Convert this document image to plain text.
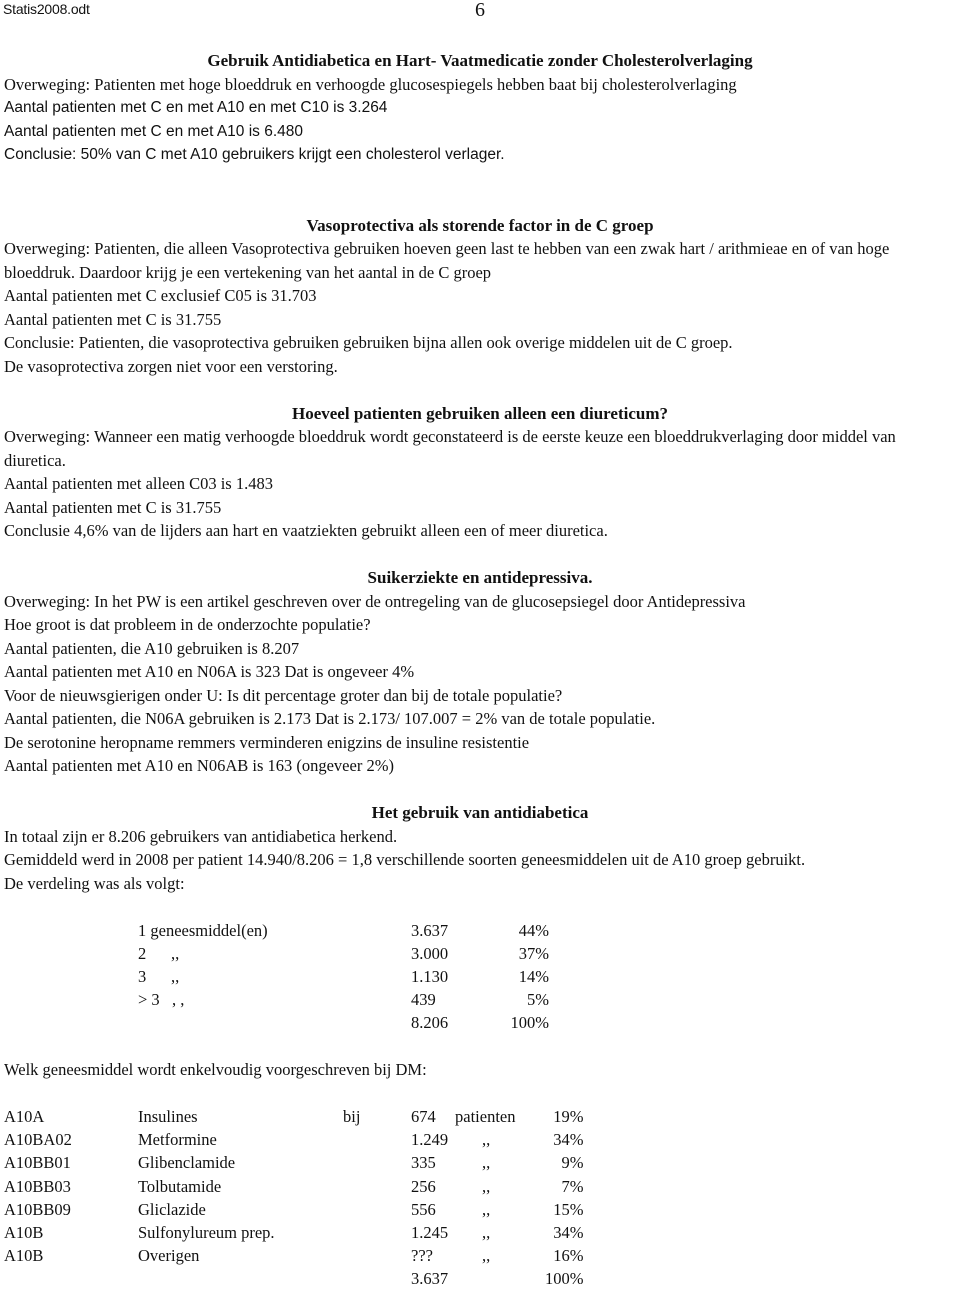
Statis2008.odt	6
Gebruik Antidiabetica en Hart- Vaatmedicatie zonder Cholesterolverlaging
Overweging: Patienten met hoge bloeddruk en verhoogde glucosespiegels hebben baat bij cholesterolverlaging
Aantal patienten met C en met A10 en met C10 is 3.264
Aantal patienten met C en met A10 is 6.480
Conclusie: 50% van C met A10 gebruikers krijgt een cholesterol verlager.
Vasoprotectiva als storende factor in de C groep
Overweging: Patienten, die alleen Vasoprotectiva gebruiken hoeven geen last te hebben van een zwak hart / arithmieae en of van hoge bloeddruk. Daardoor krijg je een vertekening van het aantal in de C groep
Aantal patienten met C exclusief C05 is 31.703
Aantal patienten met C is 31.755
Conclusie: Patienten, die vasoprotectiva gebruiken gebruiken bijna allen ook overige middelen uit de C groep.
De vasoprotectiva zorgen niet voor een verstoring.
Hoeveel patienten gebruiken alleen een diureticum?
Overweging: Wanneer een matig verhoogde bloeddruk wordt geconstateerd is de eerste keuze een bloeddrukverlaging door middel van diuretica.
Aantal patienten met alleen C03 is 1.483
Aantal patienten met C is 31.755
Conclusie 4,6% van de lijders aan hart en vaatziekten gebruikt alleen een of meer diuretica.
Suikerziekte en antidepressiva.
Overweging: In het PW is een artikel geschreven over de ontregeling van de glucosepsiegel door Antidepressiva
Hoe groot is dat probleem in de onderzochte populatie?
Aantal patienten, die A10 gebruiken is 8.207
Aantal patienten met A10 en N06A is 323 Dat is ongeveer 4%
Voor de nieuwsgierigen onder U: Is dit percentage groter dan bij de totale populatie?
Aantal patienten, die N06A gebruiken is 2.173 Dat is 2.173/ 107.007 = 2% van de totale populatie.
De serotonine heropname remmers verminderen enigzins de insuline resistentie
Aantal patienten met A10 en N06AB is 163 (ongeveer 2%)
Het gebruik van antidiabetica
In totaal zijn er 8.206 gebruikers van antidiabetica herkend.
Gemiddeld werd in 2008 per patient 14.940/8.206 = 1,8 verschillende soorten geneesmiddelen uit de A10 groep gebruikt.
De verdeling was als volgt:
1 geneesmiddel(en)	3.637	44%
2      ,,	3.000	37%
3      ,,	1.130	14%
> 3   , ,	439	5%
	8.206	100%
Welk geneesmiddel wordt enkelvoudig voorgeschreven bij DM:
A10A	Insulines	bij	674	patienten	19%
A10BA02	Metformine		1.249	,,	34%
A10BB01	Glibenclamide		335	,,	9%
A10BB03	Tolbutamide		256	,,	7%
A10BB09	Gliclazide		556	,,	15%
A10B	Sulfonylureum prep.		1.245	,,	34%
A10B	Overigen		???	,,	16%
			3.637		100%
